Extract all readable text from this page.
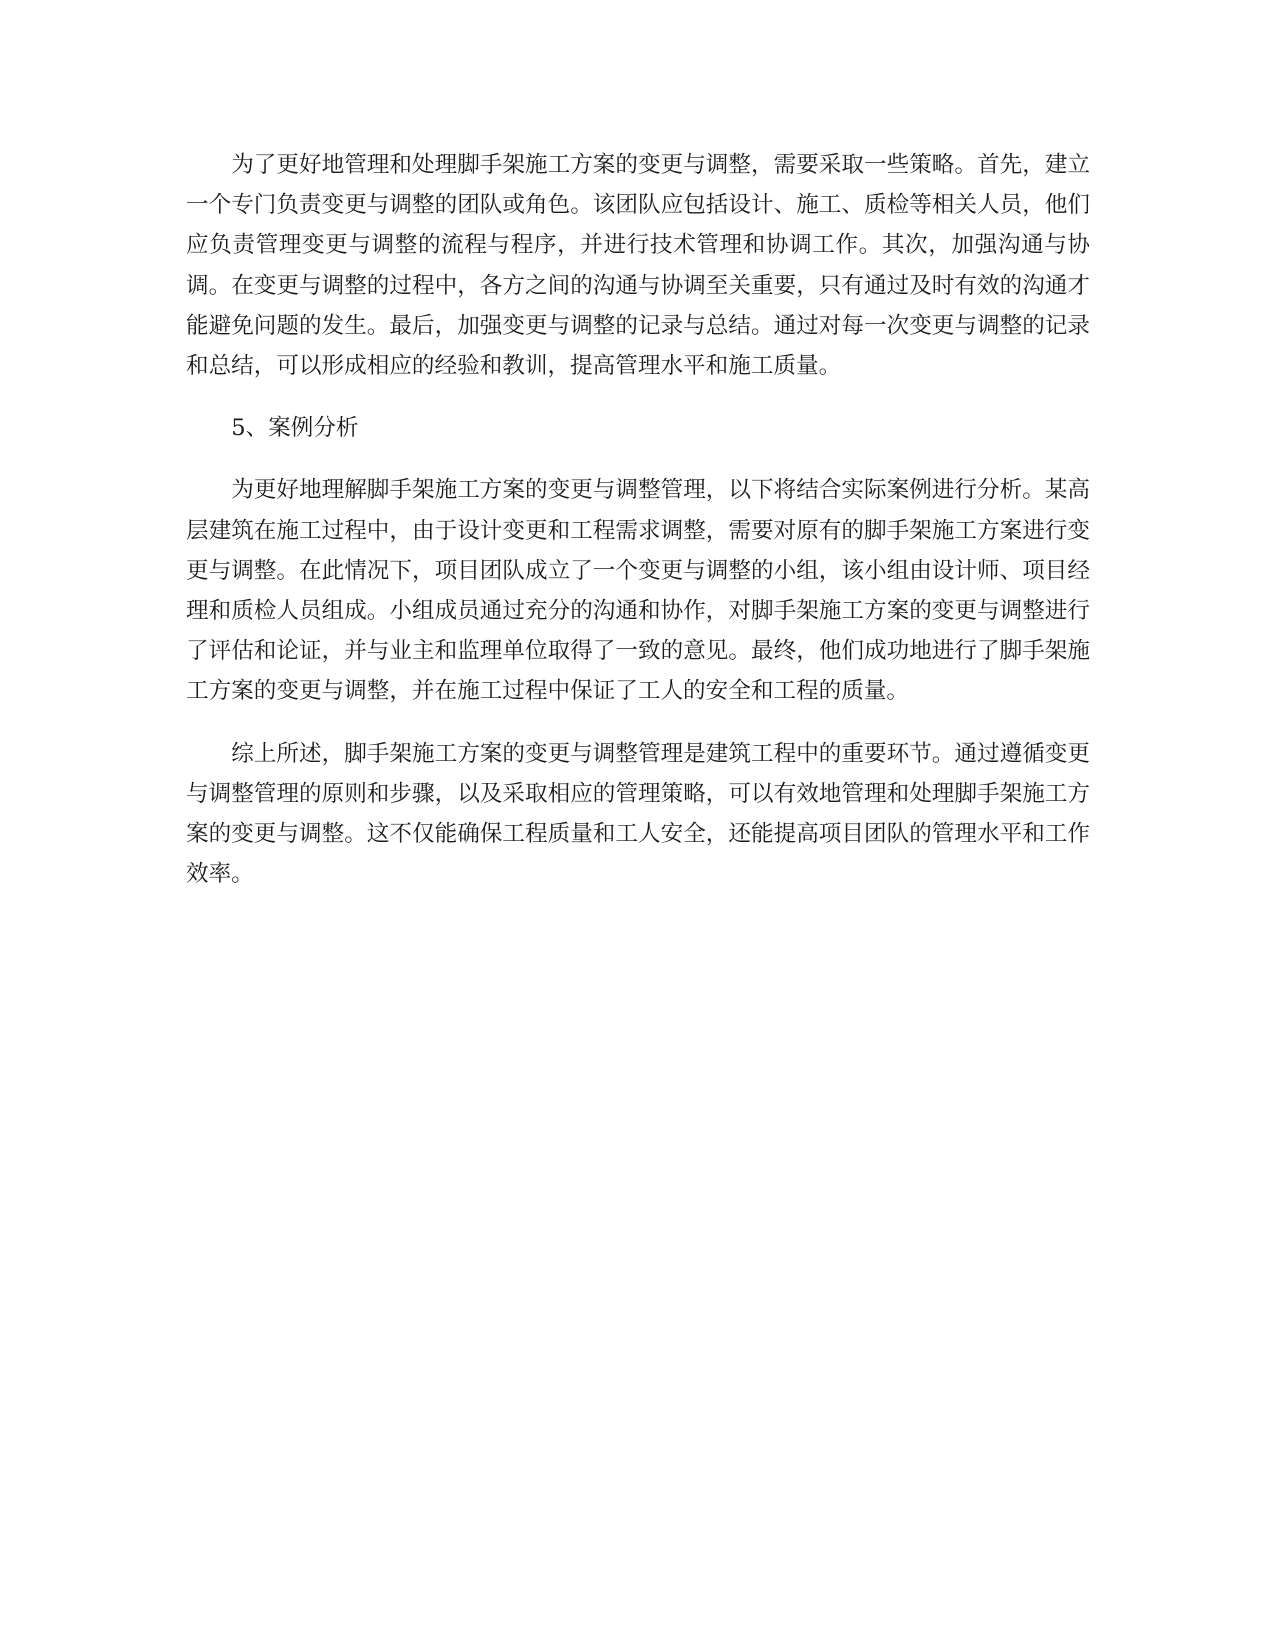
为了更好地管理和处理脚手架施工方案的变更与调整，需要采取一些策略。首先，建立一个专门负责变更与调整的团队或角色。该团队应包括设计、施工、质检等相关人员，他们应负责管理变更与调整的流程与程序，并进行技术管理和协调工作。其次，加强沟通与协调。在变更与调整的过程中，各方之间的沟通与协调至关重要，只有通过及时有效的沟通才能避免问题的发生。最后，加强变更与调整的记录与总结。通过对每一次变更与调整的记录和总结，可以形成相应的经验和教训，提高管理水平和施工质量。

5、案例分析

为更好地理解脚手架施工方案的变更与调整管理，以下将结合实际案例进行分析。某高层建筑在施工过程中，由于设计变更和工程需求调整，需要对原有的脚手架施工方案进行变更与调整。在此情况下，项目团队成立了一个变更与调整的小组，该小组由设计师、项目经理和质检人员组成。小组成员通过充分的沟通和协作，对脚手架施工方案的变更与调整进行了评估和论证，并与业主和监理单位取得了一致的意见。最终，他们成功地进行了脚手架施工方案的变更与调整，并在施工过程中保证了工人的安全和工程的质量。

综上所述，脚手架施工方案的变更与调整管理是建筑工程中的重要环节。通过遵循变更与调整管理的原则和步骤，以及采取相应的管理策略，可以有效地管理和处理脚手架施工方案的变更与调整。这不仅能确保工程质量和工人安全，还能提高项目团队的管理水平和工作效率。
